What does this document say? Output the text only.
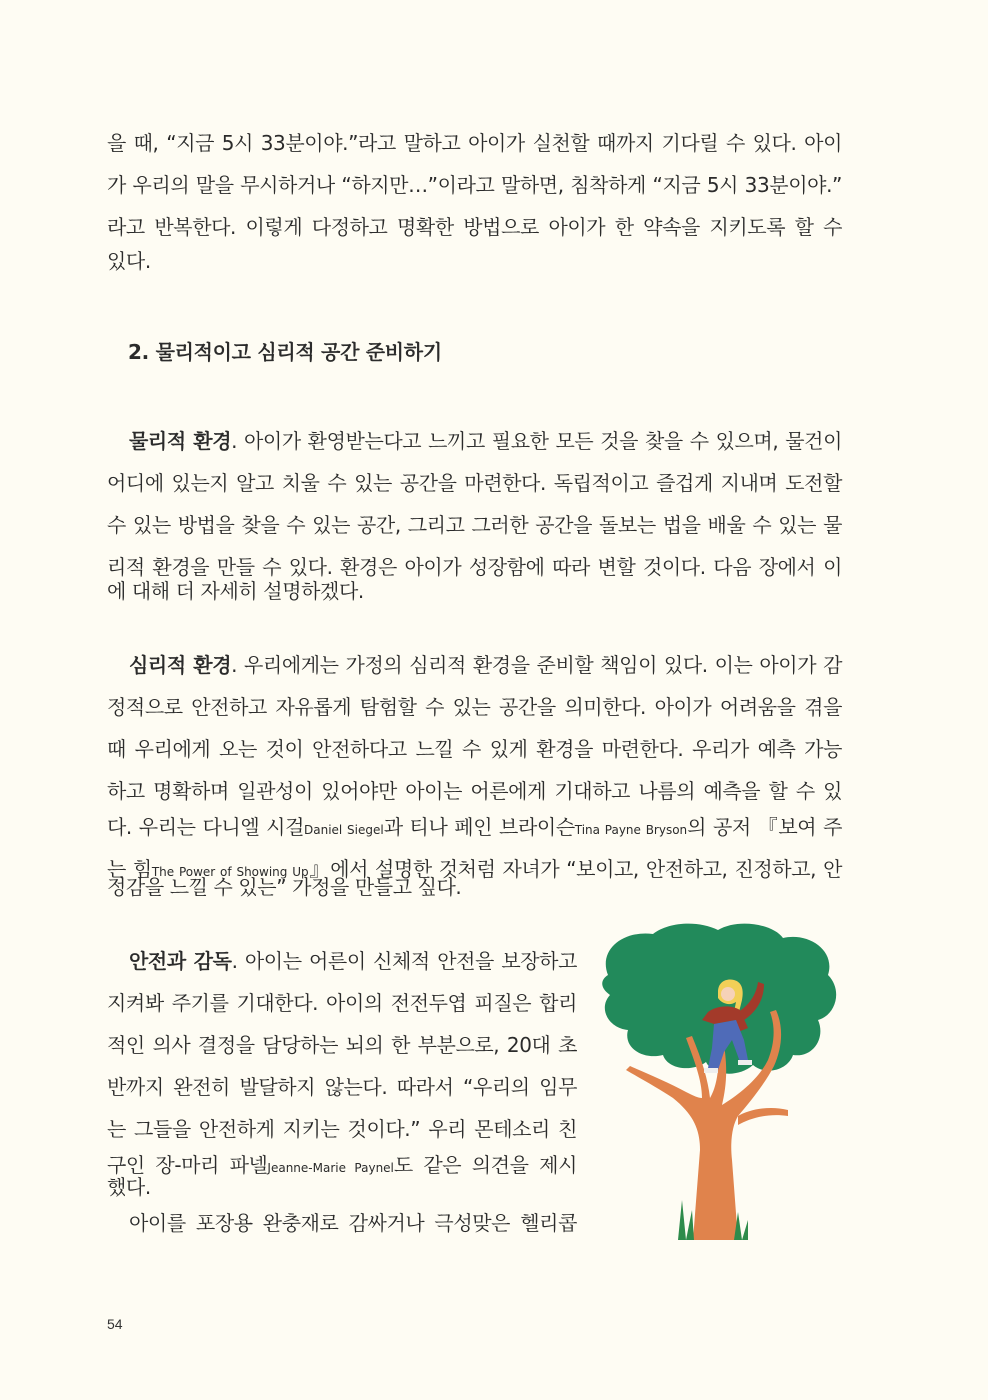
을 때, “지금 5시 33분이야.”라고 말하고 아이가 실천할 때까지 기다릴 수 있다. 아이
가 우리의 말을 무시하거나 “하지만…”이라고 말하면, 침착하게 “지금 5시 33분이야.”
라고 반복한다. 이렇게 다정하고 명확한 방법으로 아이가 한 약속을 지키도록 할 수
있다.
2. 물리적이고 심리적 공간 준비하기
물리적 환경. 아이가 환영받는다고 느끼고 필요한 모든 것을 찾을 수 있으며, 물건이
어디에 있는지 알고 치울 수 있는 공간을 마련한다. 독립적이고 즐겁게 지내며 도전할
수 있는 방법을 찾을 수 있는 공간, 그리고 그러한 공간을 돌보는 법을 배울 수 있는 물
리적 환경을 만들 수 있다. 환경은 아이가 성장함에 따라 변할 것이다. 다음 장에서 이
에 대해 더 자세히 설명하겠다.
심리적 환경. 우리에게는 가정의 심리적 환경을 준비할 책임이 있다. 이는 아이가 감
정적으로 안전하고 자유롭게 탐험할 수 있는 공간을 의미한다. 아이가 어려움을 겪을
때 우리에게 오는 것이 안전하다고 느낄 수 있게 환경을 마련한다. 우리가 예측 가능
하고 명확하며 일관성이 있어야만 아이는 어른에게 기대하고 나름의 예측을 할 수 있
다. 우리는 다니엘 시걸Daniel Siegel과 티나 페인 브라이슨Tina Payne Bryson의 공저 『보여 주
는 힘The Power of Showing Up』에서 설명한 것처럼 자녀가 “보이고, 안전하고, 진정하고, 안
정감을 느낄 수 있는” 가정을 만들고 싶다.
안전과 감독. 아이는 어른이 신체적 안전을 보장하고
지켜봐 주기를 기대한다. 아이의 전전두엽 피질은 합리
적인 의사 결정을 담당하는 뇌의 한 부분으로, 20대 초
반까지 완전히 발달하지 않는다. 따라서 “우리의 임무
는 그들을 안전하게 지키는 것이다.” 우리 몬테소리 친
구인 장-마리 파넬Jeanne-Marie Paynel도 같은 의견을 제시
했다.
아이를 포장용 완충재로 감싸거나 극성맞은 헬리콥
54
